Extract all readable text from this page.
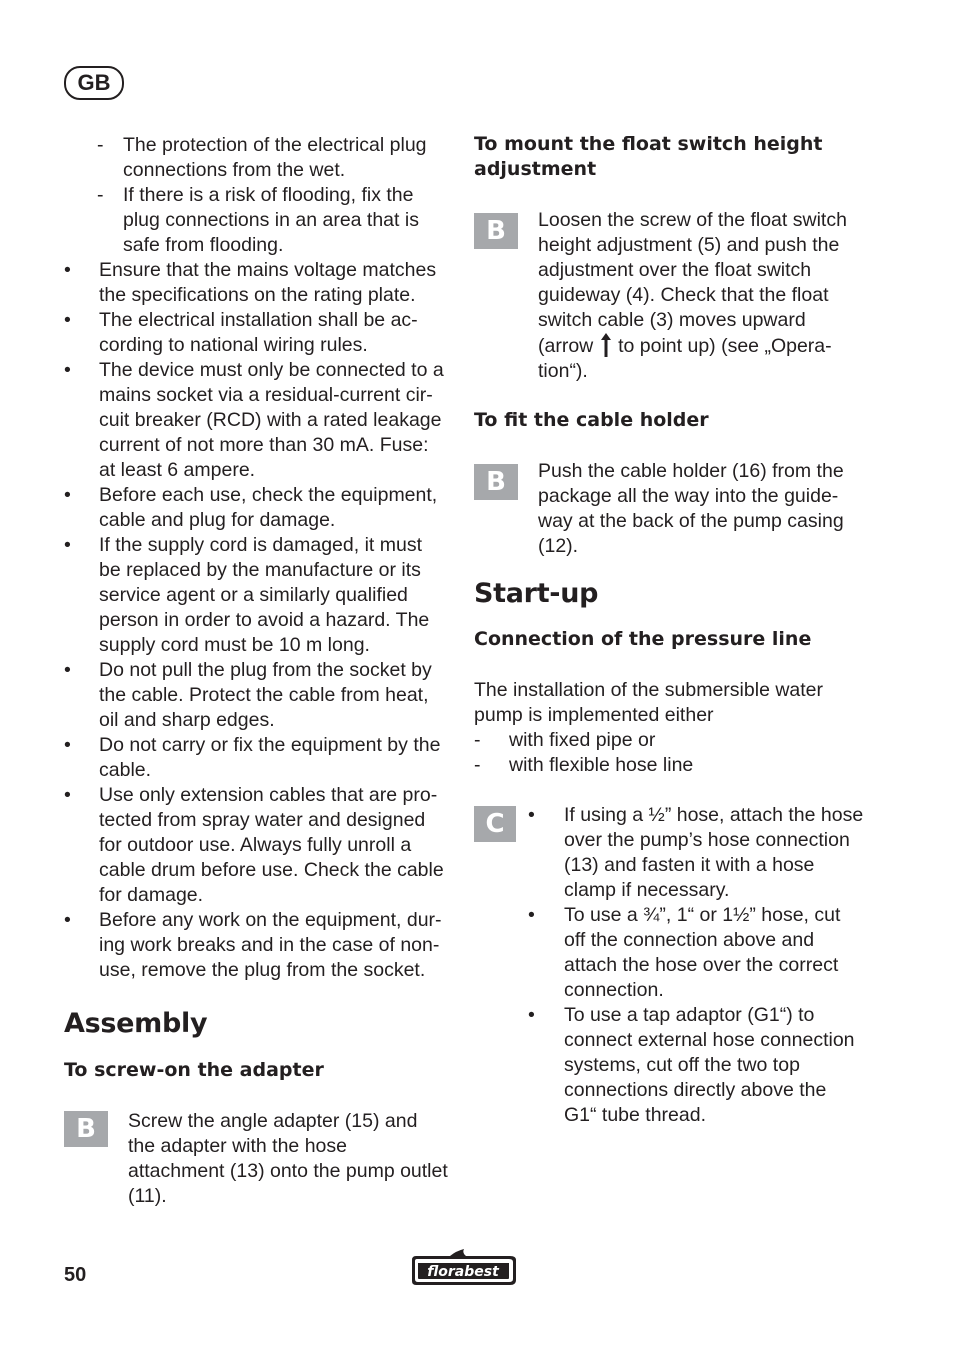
GB
- The protection of the electrical plug connections from the wet.
- If there is a risk of flooding, fix the plug connections in an area that is safe from flooding.
• Ensure that the mains voltage matches the specifications on the rating plate.
• The electrical installation shall be according to national wiring rules.
• The device must only be connected to a mains socket via a residual-current circuit breaker (RCD) with a rated leakage current of not more than 30 mA. Fuse: at least 6 ampere.
• Before each use, check the equipment, cable and plug for damage.
• If the supply cord is damaged, it must be replaced by the manufacture or its service agent or a similarly qualified person in order to avoid a hazard. The supply cord must be 10 m long.
• Do not pull the plug from the socket by the cable. Protect the cable from heat, oil and sharp edges.
• Do not carry or fix the equipment by the cable.
• Use only extension cables that are protected from spray water and designed for outdoor use. Always fully unroll a cable drum before use. Check the cable for damage.
• Before any work on the equipment, during work breaks and in the case of non-use, remove the plug from the socket.
Assembly
To screw-on the adapter
B	Screw the angle adapter (15) and the adapter with the hose attachment (13) onto the pump outlet (11).
To mount the float switch height adjustment
B	Loosen the screw of the float switch height adjustment (5) and push the adjustment over the float switch guideway (4). Check that the float switch cable (3) moves upward (arrow to point up) (see „Operation“).
To fit the cable holder
B	Push the cable holder (16) from the package all the way into the guideway at the back of the pump casing (12).
Start-up
Connection of the pressure line
The installation of the submersible water pump is implemented either
- with fixed pipe or
- with flexible hose line
C	• If using a ½” hose, attach the hose over the pump’s hose connection (13) and fasten it with a hose clamp if necessary.
• To use a ¾”, 1“ or 1½” hose, cut off the connection above and attach the hose over the correct connection.
• To use a tap adaptor (G1“) to connect external hose connection systems, cut off the two top connections directly above the G1“ tube thread.
50	florabest
